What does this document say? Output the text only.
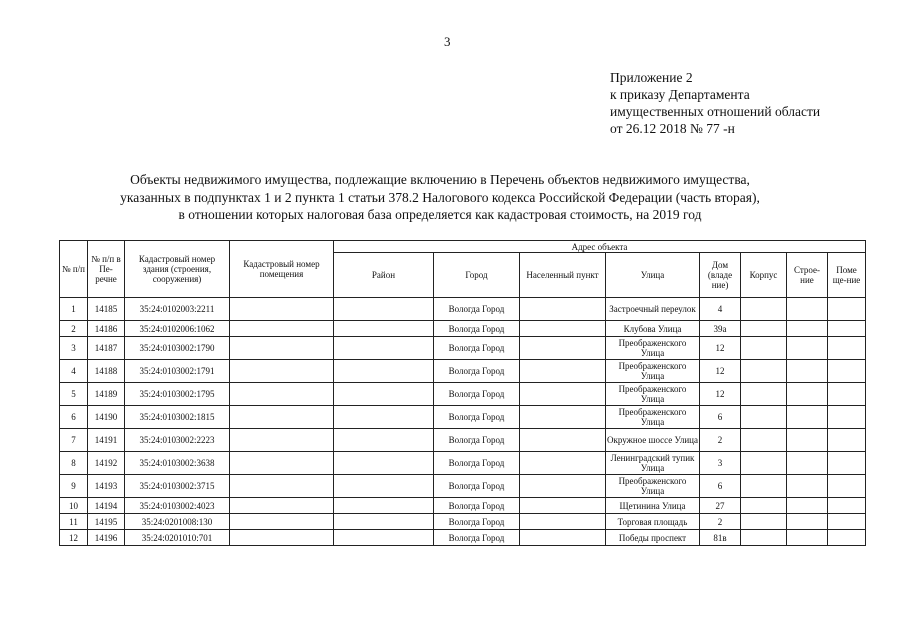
3
Приложение 2
к приказу Департамента
имущественных отношений области
от 26.12 2018 № 77 -н
Объекты недвижимого имущества, подлежащие включению в Перечень объектов недвижимого имущества,
указанных в подпунктах 1 и 2 пункта 1 статьи 378.2 Налогового кодекса Российской Федерации (часть вторая),
в отношении которых налоговая база определяется как кадастровая стоимость, на 2019 год
№ п/п	№ п/п в Пе-речне	Кадастровый номер здания (строения, сооружения)	Кадастровый номер помещения	Адрес объекта							
				Район	Город	Населенный пункт	Улица	Дом (владе ние)	Корпус	Строе-ние	Поме ще-ние
1	14185	35:24:0102003:2211			Вологда Город		Застроечный переулок	4			
2	14186	35:24:0102006:1062			Вологда Город		Клубова Улица	39а			
3	14187	35:24:0103002:1790			Вологда Город		Преображенского Улица	12			
4	14188	35:24:0103002:1791			Вологда Город		Преображенского Улица	12			
5	14189	35:24:0103002:1795			Вологда Город		Преображенского Улица	12			
6	14190	35:24:0103002:1815			Вологда Город		Преображенского Улица	6			
7	14191	35:24:0103002:2223			Вологда Город		Окружное шоссе Улица	2			
8	14192	35:24:0103002:3638			Вологда Город		Ленинградский тупик Улица	3			
9	14193	35:24:0103002:3715			Вологда Город		Преображенского Улица	6			
10	14194	35:24:0103002:4023			Вологда Город		Щетинина Улица	27			
11	14195	35:24:0201008:130			Вологда Город		Торговая площадь	2			
12	14196	35:24:0201010:701			Вологда Город		Победы проспект	81в			
